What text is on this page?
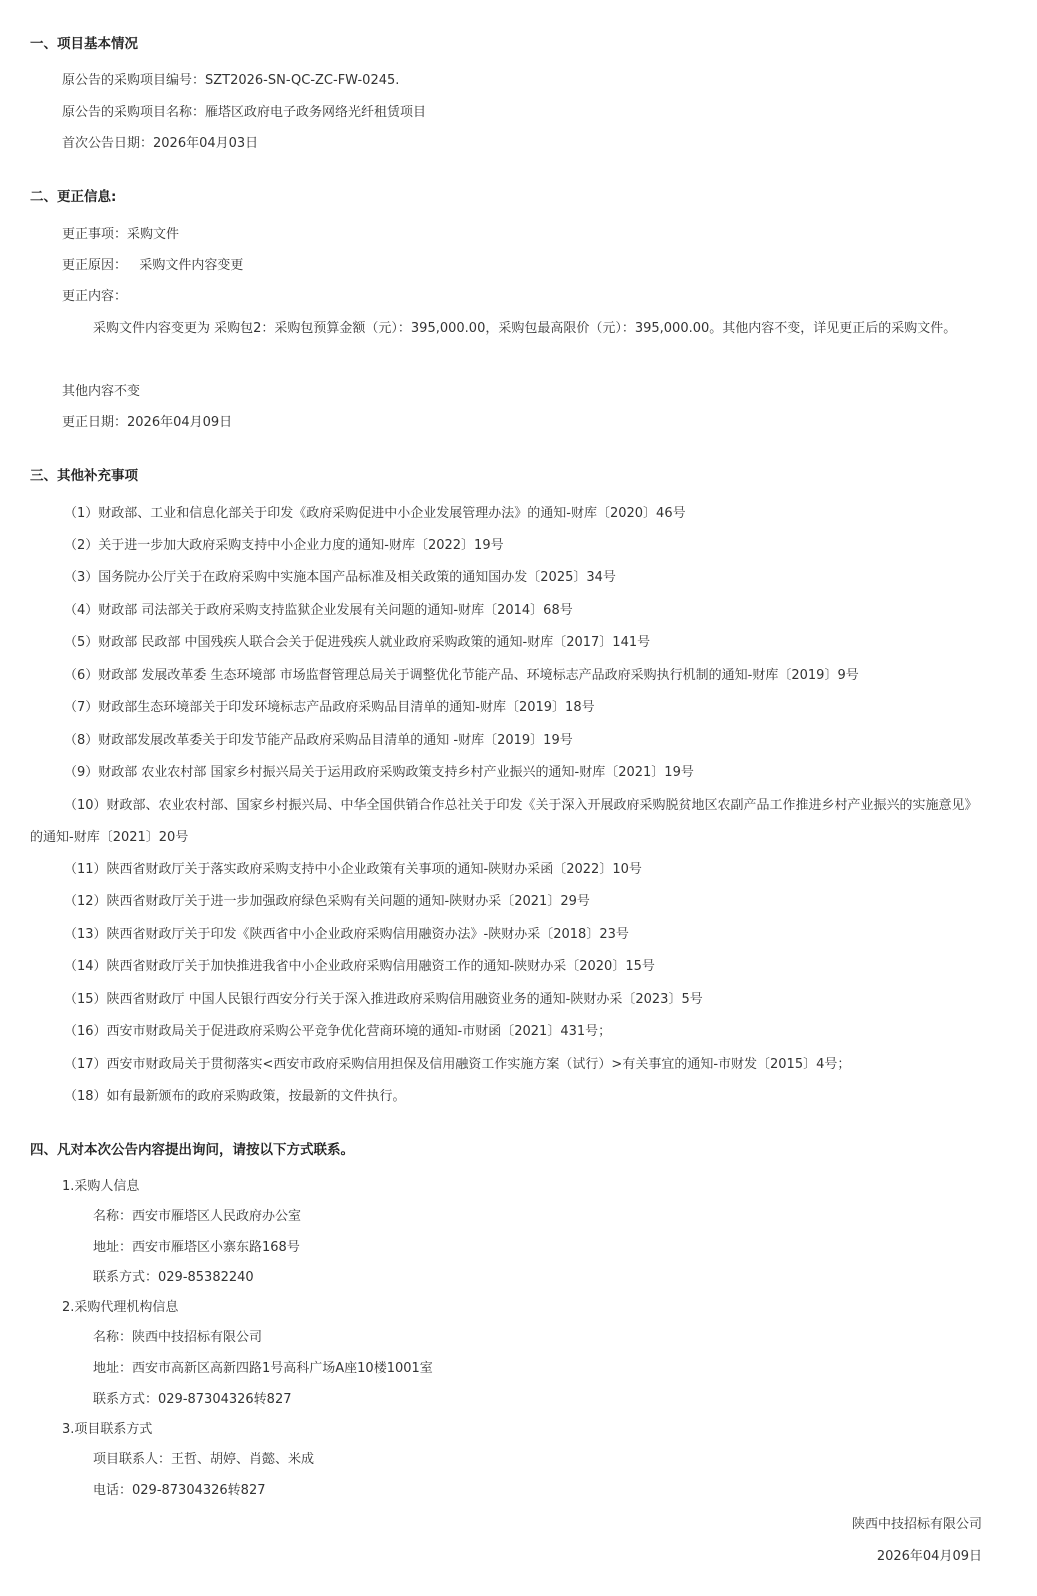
一、项目基本情况
原公告的采购项目编号：SZT2026-SN-QC-ZC-FW-0245.
原公告的采购项目名称：雁塔区政府电子政务网络光纤租赁项目
首次公告日期：2026年04月03日
二、更正信息:
更正事项：采购文件
更正原因：   采购文件内容变更
更正内容：
采购文件内容变更为 采购包2：采购包预算金额（元）：395,000.00，采购包最高限价（元）：395,000.00。其他内容不变，详见更正后的采购文件。
其他内容不变
更正日期：2026年04月09日
三、其他补充事项
（1）财政部、工业和信息化部关于印发《政府采购促进中小企业发展管理办法》的通知-财库〔2020〕46号
（2）关于进一步加大政府采购支持中小企业力度的通知-财库〔2022〕19号
（3）国务院办公厅关于在政府采购中实施本国产品标准及相关政策的通知国办发〔2025〕34号
（4）财政部 司法部关于政府采购支持监狱企业发展有关问题的通知-财库〔2014〕68号
（5）财政部 民政部 中国残疾人联合会关于促进残疾人就业政府采购政策的通知-财库〔2017〕141号
（6）财政部 发展改革委 生态环境部 市场监督管理总局关于调整优化节能产品、环境标志产品政府采购执行机制的通知-财库〔2019〕9号
（7）财政部生态环境部关于印发环境标志产品政府采购品目清单的通知-财库〔2019〕18号
（8）财政部发展改革委关于印发节能产品政府采购品目清单的通知 -财库〔2019〕19号
（9）财政部 农业农村部 国家乡村振兴局关于运用政府采购政策支持乡村产业振兴的通知-财库〔2021〕19号
（10）财政部、农业农村部、国家乡村振兴局、中华全国供销合作总社关于印发《关于深入开展政府采购脱贫地区农副产品工作推进乡村产业振兴的实施意见》的通知-财库〔2021〕20号
（11）陕西省财政厅关于落实政府采购支持中小企业政策有关事项的通知-陕财办采函〔2022〕10号
（12）陕西省财政厅关于进一步加强政府绿色采购有关问题的通知-陕财办采〔2021〕29号
（13）陕西省财政厅关于印发《陕西省中小企业政府采购信用融资办法》-陕财办采〔2018〕23号
（14）陕西省财政厅关于加快推进我省中小企业政府采购信用融资工作的通知-陕财办采〔2020〕15号
（15）陕西省财政厅 中国人民银行西安分行关于深入推进政府采购信用融资业务的通知-陕财办采〔2023〕5号
（16）西安市财政局关于促进政府采购公平竞争优化营商环境的通知-市财函〔2021〕431号；
（17）西安市财政局关于贯彻落实<西安市政府采购信用担保及信用融资工作实施方案（试行）>有关事宜的通知-市财发〔2015〕4号；
（18）如有最新颁布的政府采购政策，按最新的文件执行。
四、凡对本次公告内容提出询问，请按以下方式联系。
1.采购人信息
名称：西安市雁塔区人民政府办公室
地址：西安市雁塔区小寨东路168号
联系方式：029-85382240
2.采购代理机构信息
名称：陕西中技招标有限公司
地址：西安市高新区高新四路1号高科广场A座10楼1001室
联系方式：029-87304326转827
3.项目联系方式
项目联系人：王哲、胡婷、肖懿、米成
电话：029-87304326转827
陕西中技招标有限公司
2026年04月09日
